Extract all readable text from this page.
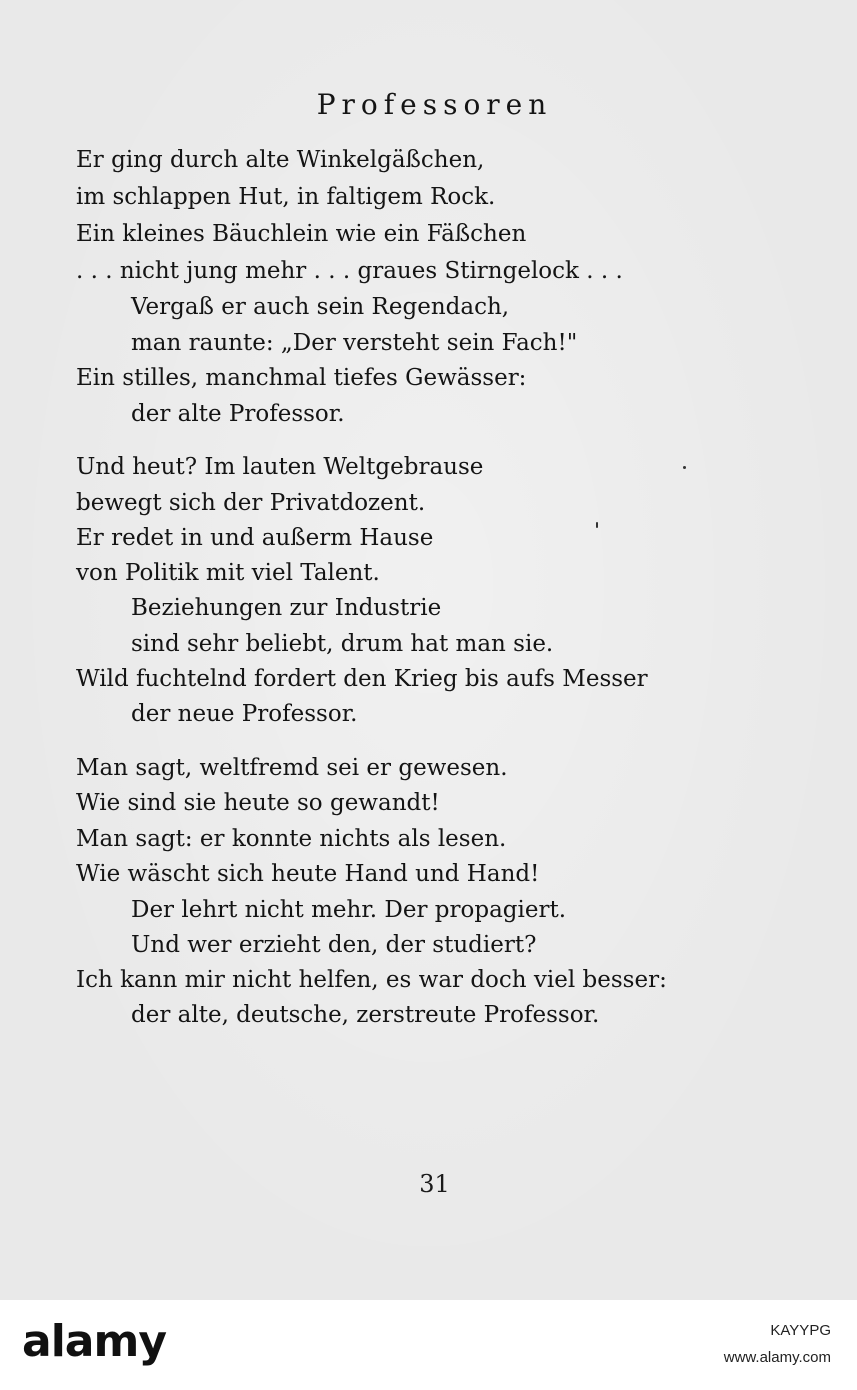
Professoren
Er ging durch alte Winkelgäßchen,
im schlappen Hut, in faltigem Rock.
Ein kleines Bäuchlein wie ein Fäßchen
. . . nicht jung mehr . . . graues Stirngelock . . .
Vergaß er auch sein Regendach,
man raunte: „Der versteht sein Fach!"
Ein stilles, manchmal tiefes Gewässer:
der alte Professor.
Und heut? Im lauten Weltgebrause
bewegt sich der Privatdozent.
Er redet in und außerm Hause
von Politik mit viel Talent.
Beziehungen zur Industrie
sind sehr beliebt, drum hat man sie.
Wild fuchtelnd fordert den Krieg bis aufs Messer
der neue Professor.
Man sagt, weltfremd sei er gewesen.
Wie sind sie heute so gewandt!
Man sagt: er konnte nichts als lesen.
Wie wäscht sich heute Hand und Hand!
Der lehrt nicht mehr. Der propagiert.
Und wer erzieht den, der studiert?
Ich kann mir nicht helfen, es war doch viel besser:
der alte, deutsche, zerstreute Professor.
31
alamy	KAYYPG
www.alamy.com
